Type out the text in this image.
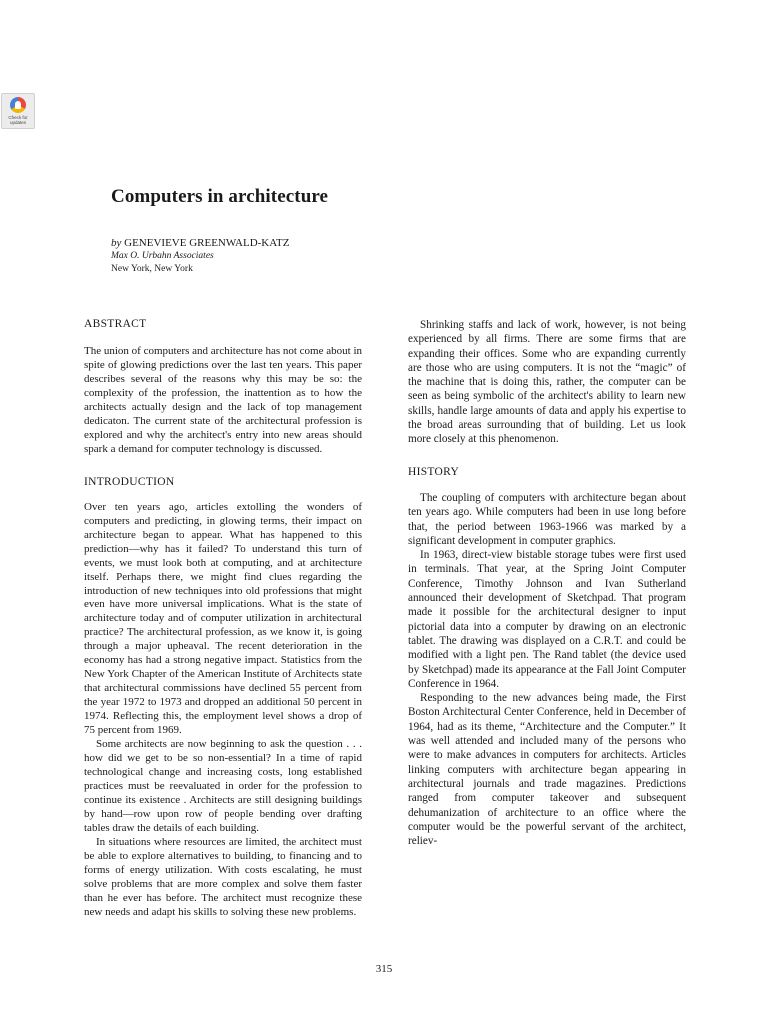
Check for updates
Computers in architecture
by GENEVIEVE GREENWALD-KATZ
Max O. Urbahn Associates
New York, New York

ABSTRACT

The union of computers and architecture has not come about in spite of glowing predictions over the last ten years. This paper describes several of the reasons why this may be so: the complexity of the profession, the inattention as to how the architects actually design and the lack of top management dedicaton. The current state of the architectural profession is explored and why the architect's entry into new areas should spark a demand for computer technology is discussed.

INTRODUCTION

Over ten years ago, articles extolling the wonders of computers and predicting, in glowing terms, their impact on architecture began to appear. What has happened to this prediction—why has it failed? To understand this turn of events, we must look both at computing, and at architecture itself. Perhaps there, we might find clues regarding the introduction of new techniques into old professions that might even have more universal implications. What is the state of architecture today and of computer utilization in architectural practice? The architectural profession, as we know it, is going through a major upheaval. The recent deterioration in the economy has had a strong negative impact. Statistics from the New York Chapter of the American Institute of Architects state that architectural commissions have declined 55 percent from the year 1972 to 1973 and dropped an additional 50 percent in 1974. Reflecting this, the employment level shows a drop of 75 percent from 1969.

Some architects are now beginning to ask the question . . . how did we get to be so non-essential? In a time of rapid technological change and increasing costs, long established practices must be reevaluated in order for the profession to continue its existence . Architects are still designing buildings by hand—row upon row of people bending over drafting tables draw the details of each building.

In situations where resources are limited, the architect must be able to explore alternatives to building, to financing and to forms of energy utilization. With costs escalating, he must solve problems that are more complex and solve them faster than he ever has before. The architect must recognize these new needs and adapt his skills to solving these new problems.

Shrinking staffs and lack of work, however, is not being experienced by all firms. There are some firms that are expanding their offices. Some who are expanding currently are those who are using computers. It is not the “magic” of the machine that is doing this, rather, the computer can be seen as being symbolic of the architect's ability to learn new skills, handle large amounts of data and apply his expertise to the broad areas surrounding that of building. Let us look more closely at this phenomenon.

HISTORY

The coupling of computers with architecture began about ten years ago. While computers had been in use long before that, the period between 1963-1966 was marked by a significant development in computer graphics.

In 1963, direct-view bistable storage tubes were first used in terminals. That year, at the Spring Joint Computer Conference, Timothy Johnson and Ivan Sutherland announced their development of Sketchpad. That program made it possible for the architectural designer to input pictorial data into a computer by drawing on an electronic tablet. The drawing was displayed on a C.R.T. and could be modified with a light pen. The Rand tablet (the device used by Sketchpad) made its appearance at the Fall Joint Computer Conference in 1964.

Responding to the new advances being made, the First Boston Architectural Center Conference, held in December of 1964, had as its theme, “Architecture and the Computer.” It was well attended and included many of the persons who were to make advances in computers for architects. Articles linking computers with architecture began appearing in architectural journals and trade magazines. Predictions ranged from computer takeover and subsequent dehumanization of architecture to an office where the computer would be the powerful servant of the architect, reliev-

315
